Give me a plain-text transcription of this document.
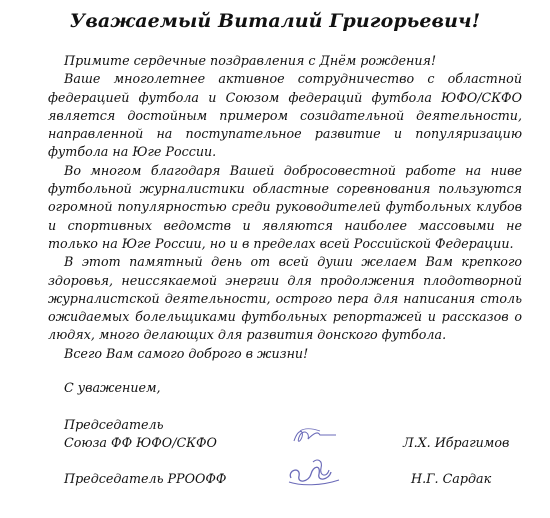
Уважаемый Виталий Григорьевич!

Примите сердечные поздравления с Днём рождения!

Ваше многолетнее активное сотрудничество с областной федерацией футбола и Союзом федераций футбола ЮФО/СКФО является достойным примером созидательной деятельности, направленной на поступательное развитие и популяризацию футбола на Юге России.

Во многом благодаря Вашей добросовестной работе на ниве футбольной журналистики областные соревнования пользуются огромной популярностью среди руководителей футбольных клубов и спортивных ведомств и являются наиболее массовыми не только на Юге России, но и в пределах всей Российской Федерации.

В этот памятный день от всей души желаем Вам крепкого здоровья, неиссякаемой энергии для продолжения плодотворной журналистской деятельности, острого пера для написания столь ожидаемых болельщиками футбольных репортажей и рассказов о людях, много делающих для развития донского футбола.

Всего Вам самого доброго в жизни!

С уважением,
Председатель
Союза ФФ ЮФО/СКФО	Л.Х. Ибрагимов
Председатель РРООФФ	Н.Г. Сардак
